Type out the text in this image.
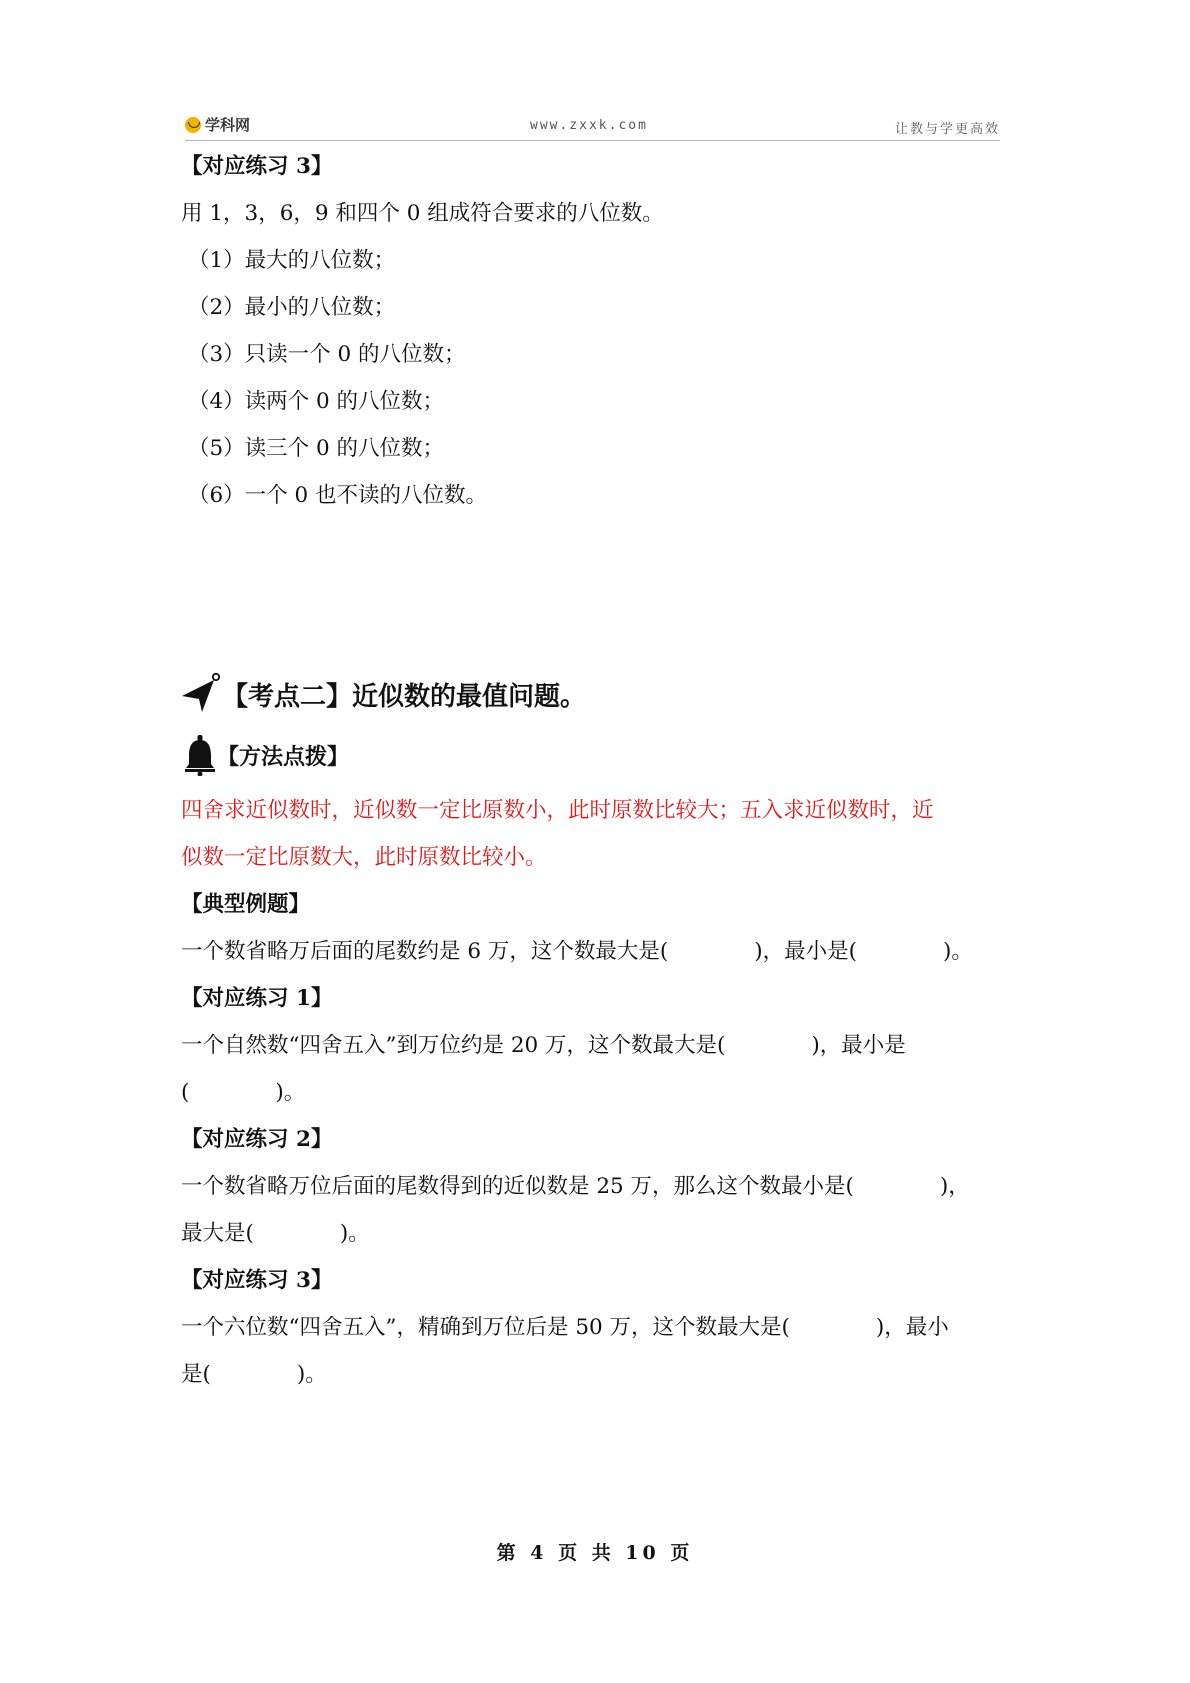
学科网	www.zxxk.com	让教与学更高效
【对应练习 3】
用 1，3，6，9 和四个 0 组成符合要求的八位数。
（1）最大的八位数；
（2）最小的八位数；
（3）只读一个 0 的八位数；
（4）读两个 0 的八位数；
（5）读三个 0 的八位数；
（6）一个 0 也不读的八位数。
【考点二】近似数的最值问题。
【方法点拨】
四舍求近似数时，近似数一定比原数小，此时原数比较大；五入求近似数时，近
似数一定比原数大，此时原数比较小。
【典型例题】
一个数省略万后面的尾数约是 6 万，这个数最大是(　　　　)，最小是(　　　　)。
【对应练习 1】
一个自然数“四舍五入”到万位约是 20 万，这个数最大是(　　　　)，最小是
(　　　　)。
【对应练习 2】
一个数省略万位后面的尾数得到的近似数是 25 万，那么这个数最小是(　　　　)，
最大是(　　　　)。
【对应练习 3】
一个六位数“四舍五入”，精确到万位后是 50 万，这个数最大是(　　　　)，最小
是(　　　　)。
第 4 页 共 10 页
